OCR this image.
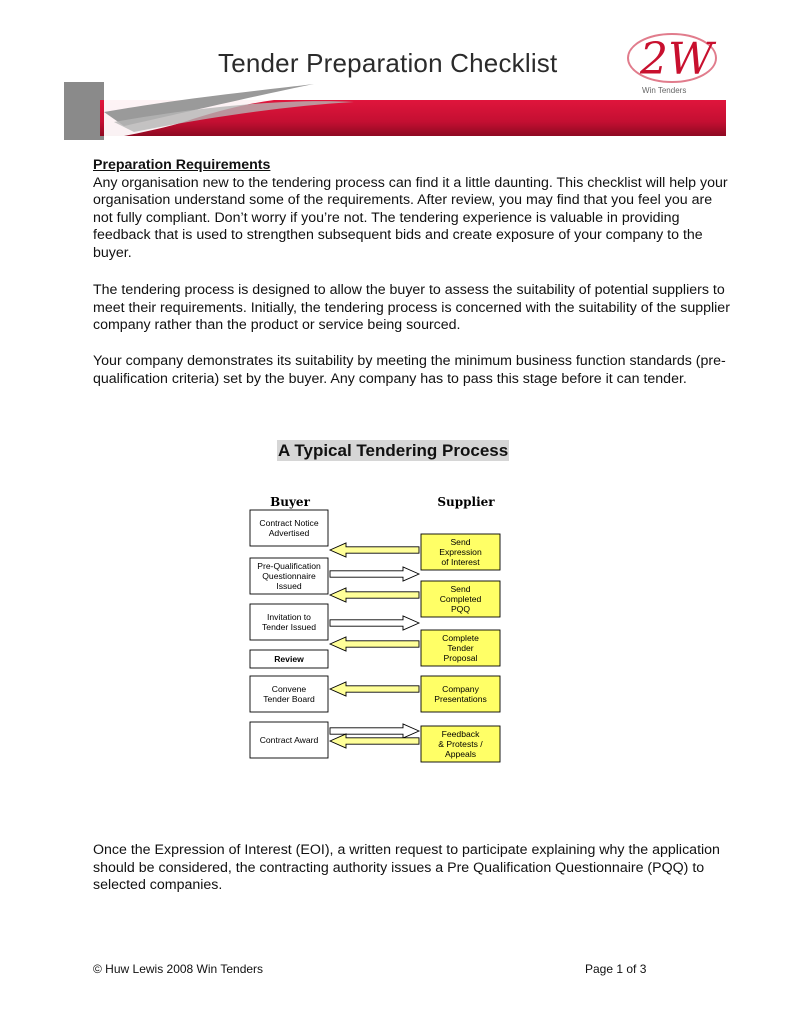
Tender Preparation Checklist 2W
Win Tenders
Preparation Requirements
Any organisation new to the tendering process can find it a little daunting. This checklist will help your organisation understand some of the requirements. After review, you may find that you feel you are not fully compliant. Don’t worry if you’re not. The tendering experience is valuable in providing feedback that is used to strengthen subsequent bids and create exposure of your company to the buyer.
The tendering process is designed to allow the buyer to assess the suitability of potential suppliers to meet their requirements. Initially, the tendering process is concerned with the suitability of the supplier company rather than the product or service being sourced.
Your company demonstrates its suitability by meeting the minimum business function standards (pre-qualification criteria) set by the buyer. Any company has to pass this stage before it can tender.
A Typical Tendering Process
Buyer	Supplier
Contract Notice
Advertised
Pre-Qualification
Questionnaire
Issued
Invitation to
Tender Issued
Review
Convene
Tender Board
Contract Award
Send
Expression
of Interest
Send
Completed
PQQ
Complete
Tender
Proposal
Company
Presentations
Feedback
& Protests /
Appeals
Once the Expression of Interest (EOI), a written request to participate explaining why the application should be considered, the contracting authority issues a Pre Qualification Questionnaire (PQQ) to selected companies.
© Huw Lewis 2008 Win Tenders	Page 1 of 3
